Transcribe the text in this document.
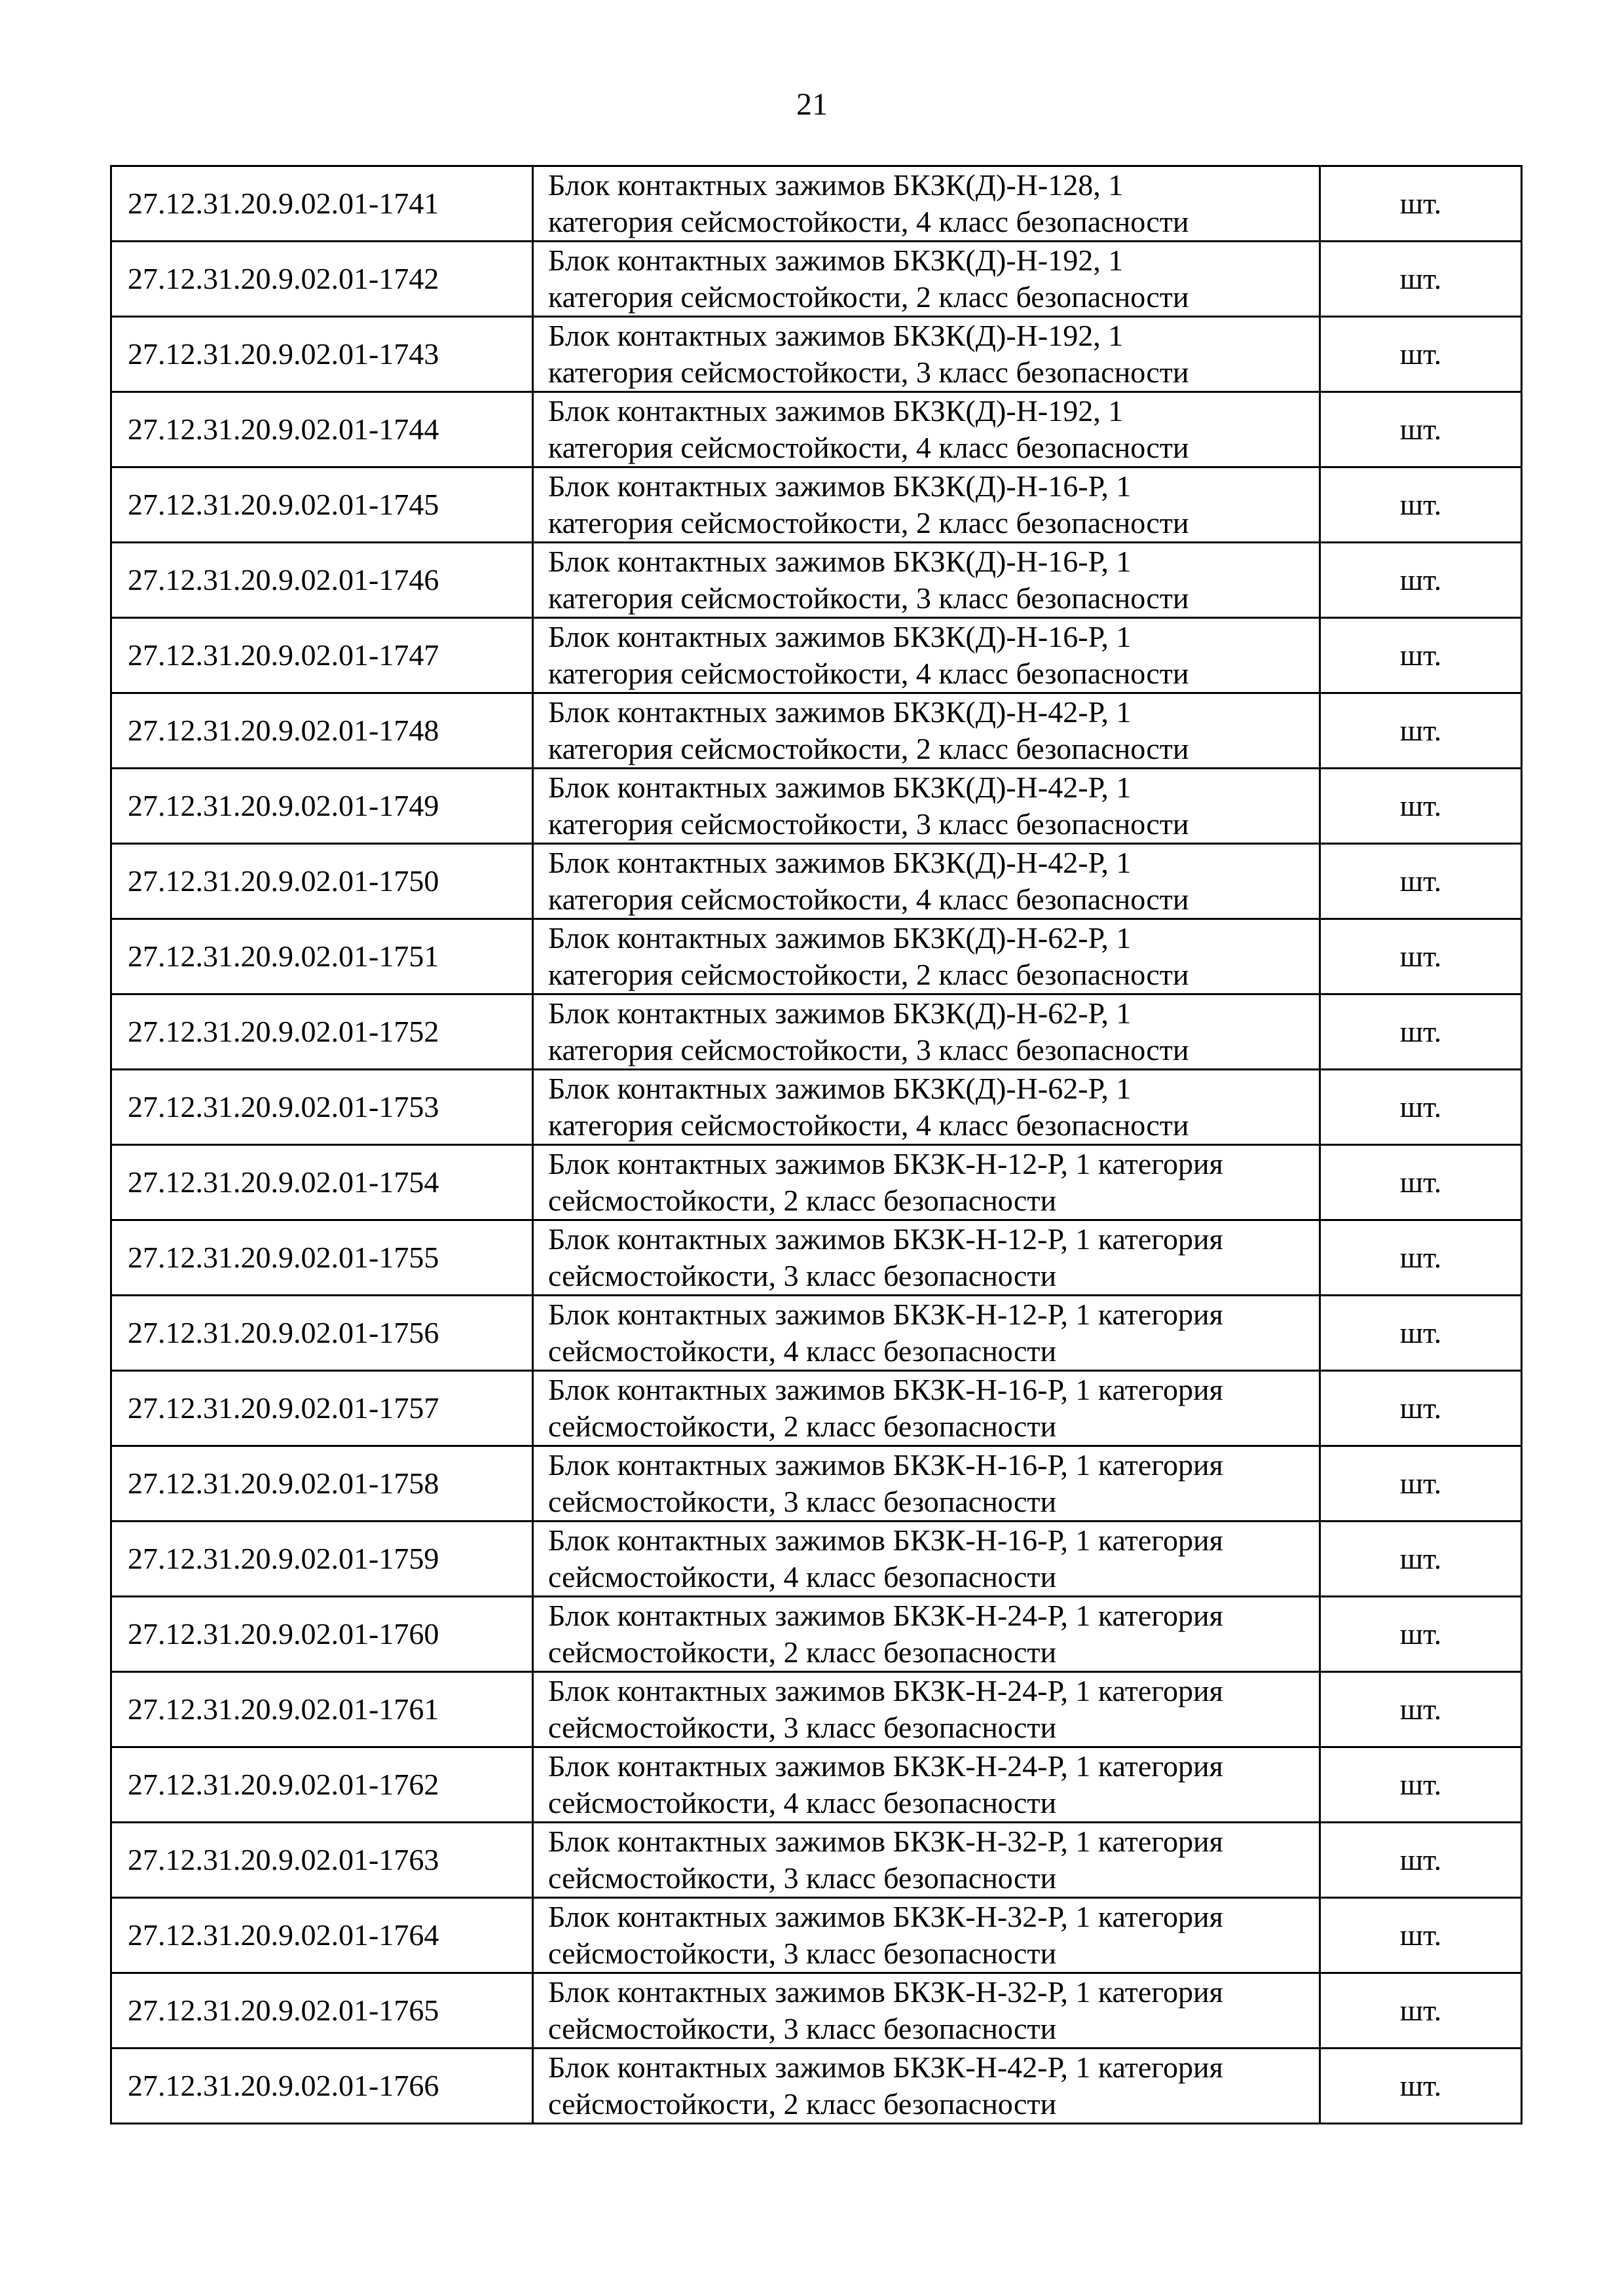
21
27.12.31.20.9.02.01-1741	Блок контактных зажимов БКЗК(Д)-Н-128, 1
категория сейсмостойкости, 4 класс безопасности	шт.
27.12.31.20.9.02.01-1742	Блок контактных зажимов БКЗК(Д)-Н-192, 1
категория сейсмостойкости, 2 класс безопасности	шт.
27.12.31.20.9.02.01-1743	Блок контактных зажимов БКЗК(Д)-Н-192, 1
категория сейсмостойкости, 3 класс безопасности	шт.
27.12.31.20.9.02.01-1744	Блок контактных зажимов БКЗК(Д)-Н-192, 1
категория сейсмостойкости, 4 класс безопасности	шт.
27.12.31.20.9.02.01-1745	Блок контактных зажимов БКЗК(Д)-Н-16-Р, 1
категория сейсмостойкости, 2 класс безопасности	шт.
27.12.31.20.9.02.01-1746	Блок контактных зажимов БКЗК(Д)-Н-16-Р, 1
категория сейсмостойкости, 3 класс безопасности	шт.
27.12.31.20.9.02.01-1747	Блок контактных зажимов БКЗК(Д)-Н-16-Р, 1
категория сейсмостойкости, 4 класс безопасности	шт.
27.12.31.20.9.02.01-1748	Блок контактных зажимов БКЗК(Д)-Н-42-Р, 1
категория сейсмостойкости, 2 класс безопасности	шт.
27.12.31.20.9.02.01-1749	Блок контактных зажимов БКЗК(Д)-Н-42-Р, 1
категория сейсмостойкости, 3 класс безопасности	шт.
27.12.31.20.9.02.01-1750	Блок контактных зажимов БКЗК(Д)-Н-42-Р, 1
категория сейсмостойкости, 4 класс безопасности	шт.
27.12.31.20.9.02.01-1751	Блок контактных зажимов БКЗК(Д)-Н-62-Р, 1
категория сейсмостойкости, 2 класс безопасности	шт.
27.12.31.20.9.02.01-1752	Блок контактных зажимов БКЗК(Д)-Н-62-Р, 1
категория сейсмостойкости, 3 класс безопасности	шт.
27.12.31.20.9.02.01-1753	Блок контактных зажимов БКЗК(Д)-Н-62-Р, 1
категория сейсмостойкости, 4 класс безопасности	шт.
27.12.31.20.9.02.01-1754	Блок контактных зажимов БКЗК-Н-12-Р, 1 категория
сейсмостойкости, 2 класс безопасности	шт.
27.12.31.20.9.02.01-1755	Блок контактных зажимов БКЗК-Н-12-Р, 1 категория
сейсмостойкости, 3 класс безопасности	шт.
27.12.31.20.9.02.01-1756	Блок контактных зажимов БКЗК-Н-12-Р, 1 категория
сейсмостойкости, 4 класс безопасности	шт.
27.12.31.20.9.02.01-1757	Блок контактных зажимов БКЗК-Н-16-Р, 1 категория
сейсмостойкости, 2 класс безопасности	шт.
27.12.31.20.9.02.01-1758	Блок контактных зажимов БКЗК-Н-16-Р, 1 категория
сейсмостойкости, 3 класс безопасности	шт.
27.12.31.20.9.02.01-1759	Блок контактных зажимов БКЗК-Н-16-Р, 1 категория
сейсмостойкости, 4 класс безопасности	шт.
27.12.31.20.9.02.01-1760	Блок контактных зажимов БКЗК-Н-24-Р, 1 категория
сейсмостойкости, 2 класс безопасности	шт.
27.12.31.20.9.02.01-1761	Блок контактных зажимов БКЗК-Н-24-Р, 1 категория
сейсмостойкости, 3 класс безопасности	шт.
27.12.31.20.9.02.01-1762	Блок контактных зажимов БКЗК-Н-24-Р, 1 категория
сейсмостойкости, 4 класс безопасности	шт.
27.12.31.20.9.02.01-1763	Блок контактных зажимов БКЗК-Н-32-Р, 1 категория
сейсмостойкости, 3 класс безопасности	шт.
27.12.31.20.9.02.01-1764	Блок контактных зажимов БКЗК-Н-32-Р, 1 категория
сейсмостойкости, 3 класс безопасности	шт.
27.12.31.20.9.02.01-1765	Блок контактных зажимов БКЗК-Н-32-Р, 1 категория
сейсмостойкости, 3 класс безопасности	шт.
27.12.31.20.9.02.01-1766	Блок контактных зажимов БКЗК-Н-42-Р, 1 категория
сейсмостойкости, 2 класс безопасности	шт.
